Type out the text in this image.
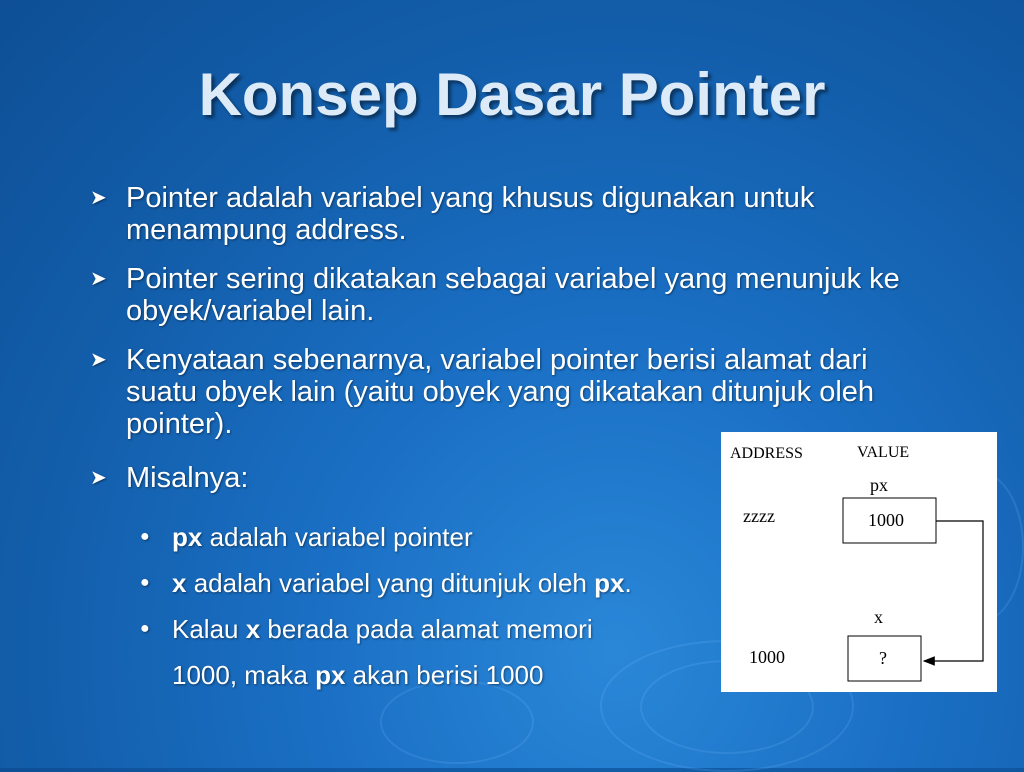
Konsep Dasar Pointer
➤ Pointer adalah variabel yang khusus digunakan untuk menampung address.
➤ Pointer sering dikatakan sebagai variabel yang menunjuk ke obyek/variabel lain.
➤ Kenyataan sebenarnya, variabel pointer berisi alamat dari suatu obyek lain (yaitu obyek yang dikatakan ditunjuk oleh pointer).
➤ Misalnya:
● px adalah variabel pointer
● x adalah variabel yang ditunjuk oleh px.
● Kalau x berada pada alamat memori
1000, maka px akan berisi 1000
ADDRESS	VALUE
px
zzzz	1000
x
1000	?
